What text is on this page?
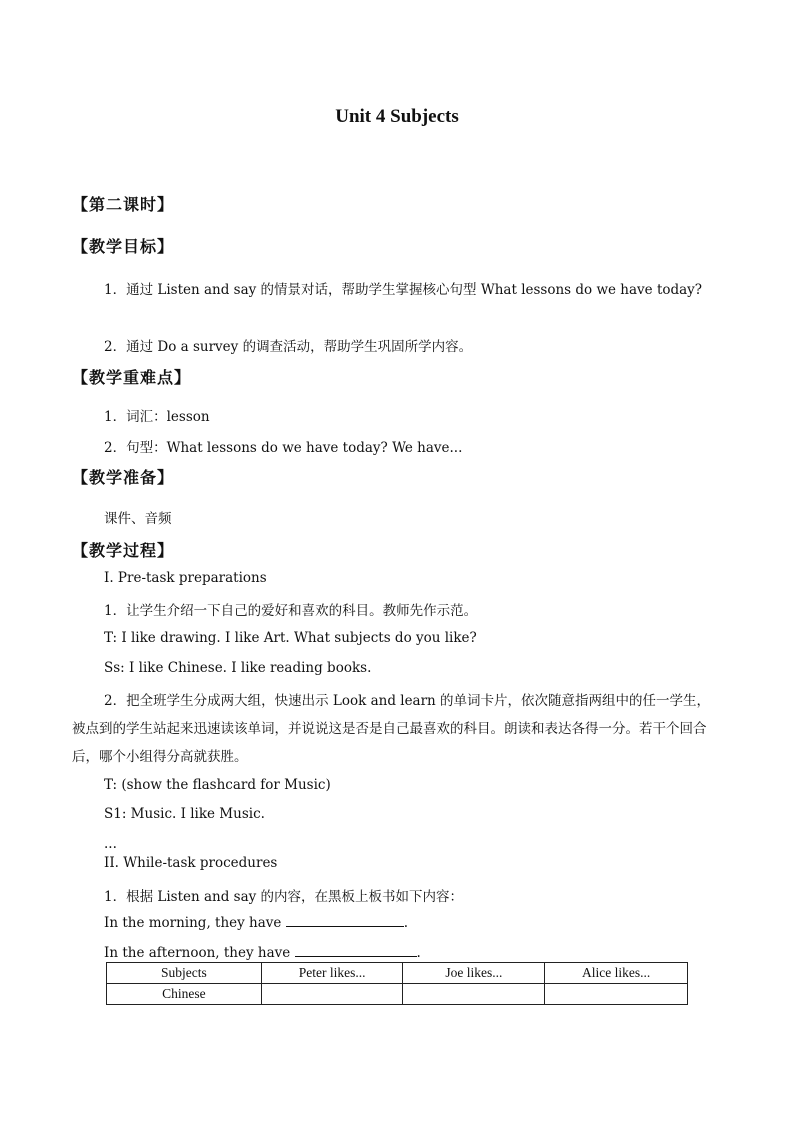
Unit 4 Subjects
【第二课时】
【教学目标】
1．通过 Listen and say 的情景对话，帮助学生掌握核心句型 What lessons do we have today?
2．通过 Do a survey 的调查活动，帮助学生巩固所学内容。
【教学重难点】
1．词汇：lesson
2．句型：What lessons do we have today? We have...
【教学准备】
课件、音频
【教学过程】
I. Pre-task preparations
1．让学生介绍一下自己的爱好和喜欢的科目。教师先作示范。
T: I like drawing. I like Art. What subjects do you like?
Ss: I like Chinese. I like reading books.
2．把全班学生分成两大组，快速出示 Look and learn 的单词卡片，依次随意指两组中的任一学生，被点到的学生站起来迅速读该单词，并说说这是否是自己最喜欢的科目。朗读和表达各得一分。若干个回合后，哪个小组得分高就获胜。
T: (show the flashcard for Music)
S1: Music. I like Music.
...
II. While-task procedures
1．根据 Listen and say 的内容，在黑板上板书如下内容：
In the morning, they have	.
In the afternoon, they have	.
Subjects	Peter likes...	Joe likes...	Alice likes...
Chinese			
